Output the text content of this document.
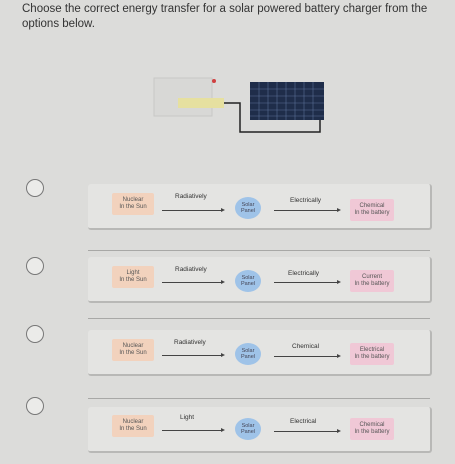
Choose the correct energy transfer for a solar powered battery charger from the options below.
Nuclear
In the Sun
Radiatively
Solar
Panel
Electrically
Chemical
In the battery
Light
In the Sun
Radiatively
Solar
Panel
Electrically	Current
In the battery
Nuclear
In the Sun
Radiatively
Solar
Panel
Chemical	Electrical
In the battery
Nuclear
In the Sun
Light
Solar
Panel
Electrical	Chemical
In the battery
